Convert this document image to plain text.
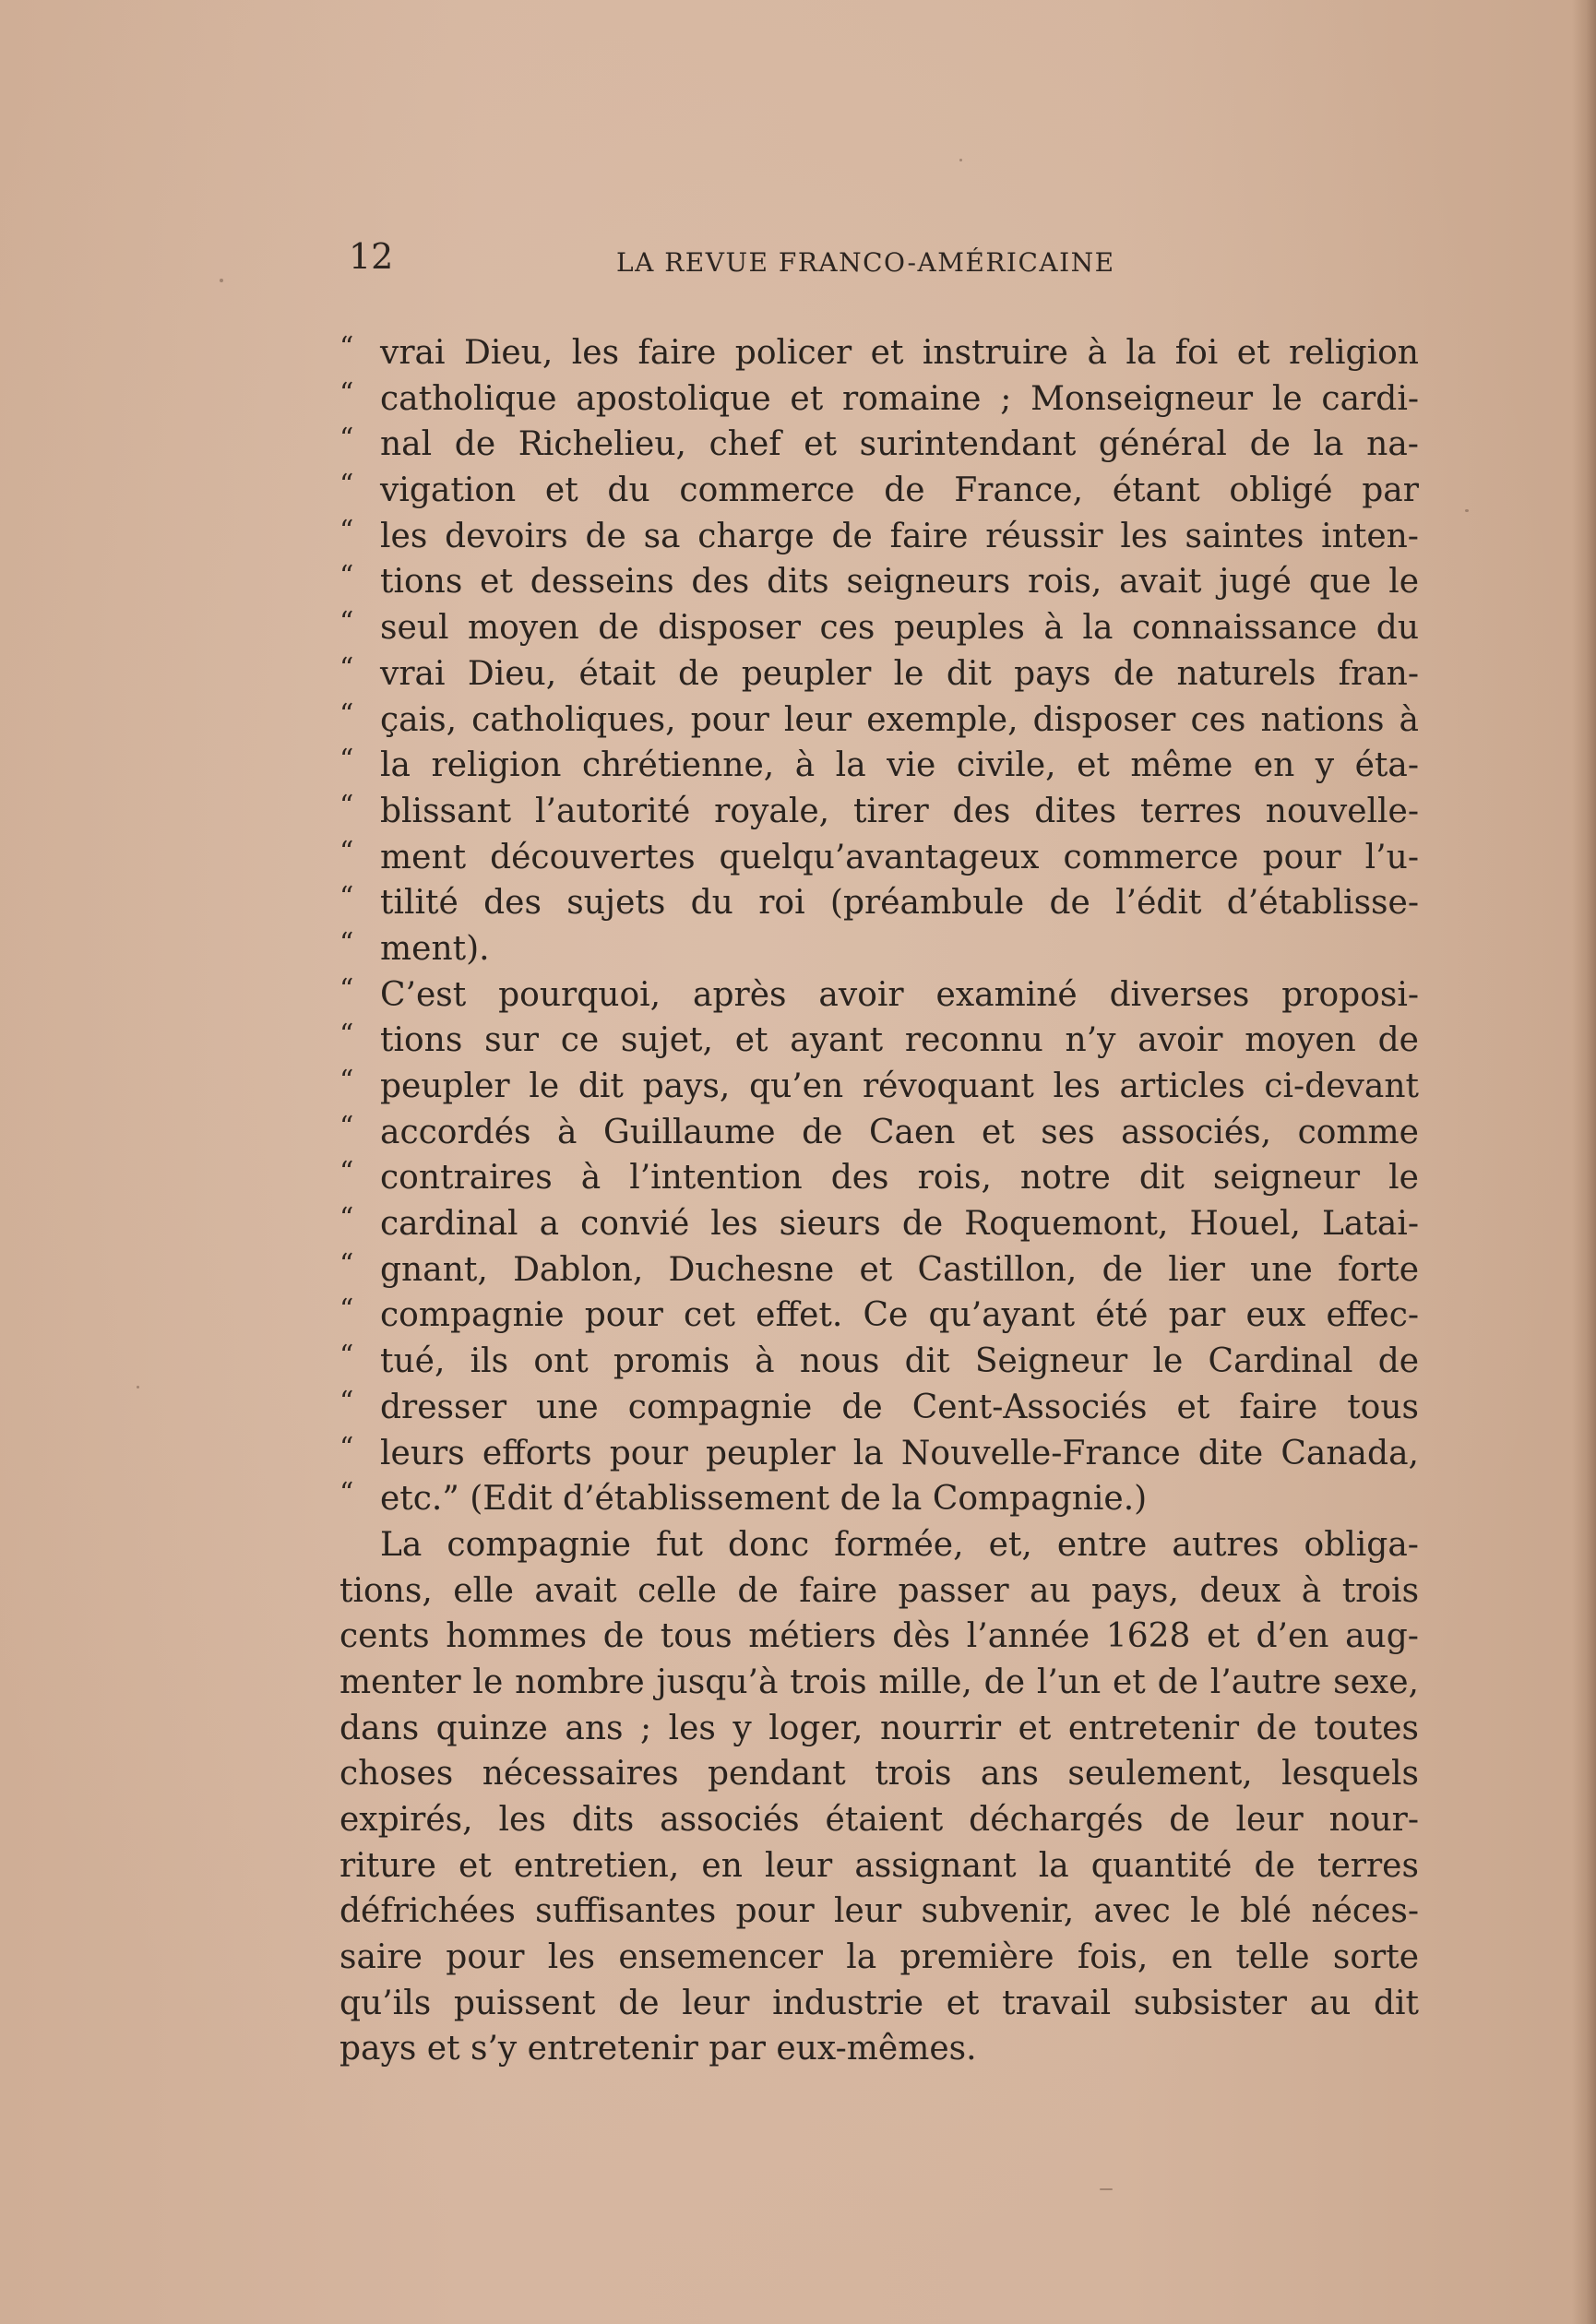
12	LA REVUE FRANCO-AMÉRICAINE
“ vrai Dieu, les faire policer et instruire à la foi et religion
“ catholique apostolique et romaine ; Monseigneur le cardi-
“ nal de Richelieu, chef et surintendant général de la na-
“ vigation et du commerce de France, étant obligé par
“ les devoirs de sa charge de faire réussir les saintes inten-
“ tions et desseins des dits seigneurs rois, avait jugé que le
“ seul moyen de disposer ces peuples à la connaissance du
“ vrai Dieu, était de peupler le dit pays de naturels fran-
“ çais, catholiques, pour leur exemple, disposer ces nations à
“ la religion chrétienne, à la vie civile, et même en y éta-
“ blissant l’autorité royale, tirer des dites terres nouvelle-
“ ment découvertes quelqu’avantageux commerce pour l’u-
“ tilité des sujets du roi (préambule de l’édit d’établisse-
“ ment).
“ C’est pourquoi, après avoir examiné diverses proposi-
“ tions sur ce sujet, et ayant reconnu n’y avoir moyen de
“ peupler le dit pays, qu’en révoquant les articles ci-devant
“ accordés à Guillaume de Caen et ses associés, comme
“ contraires à l’intention des rois, notre dit seigneur le
“ cardinal a convié les sieurs de Roquemont, Houel, Latai-
“ gnant, Dablon, Duchesne et Castillon, de lier une forte
“ compagnie pour cet effet. Ce qu’ayant été par eux effec-
“ tué, ils ont promis à nous dit Seigneur le Cardinal de
“ dresser une compagnie de Cent-Associés et faire tous
“ leurs efforts pour peupler la Nouvelle-France dite Canada,
“ etc.” (Edit d’établissement de la Compagnie.)
La compagnie fut donc formée, et, entre autres obliga-
tions, elle avait celle de faire passer au pays, deux à trois
cents hommes de tous métiers dès l’année 1628 et d’en aug-
menter le nombre jusqu’à trois mille, de l’un et de l’autre sexe,
dans quinze ans ; les y loger, nourrir et entretenir de toutes
choses nécessaires pendant trois ans seulement, lesquels
expirés, les dits associés étaient déchargés de leur nour-
riture et entretien, en leur assignant la quantité de terres
défrichées suffisantes pour leur subvenir, avec le blé néces-
saire pour les ensemencer la première fois, en telle sorte
qu’ils puissent de leur industrie et travail subsister au dit
pays et s’y entretenir par eux-mêmes.
